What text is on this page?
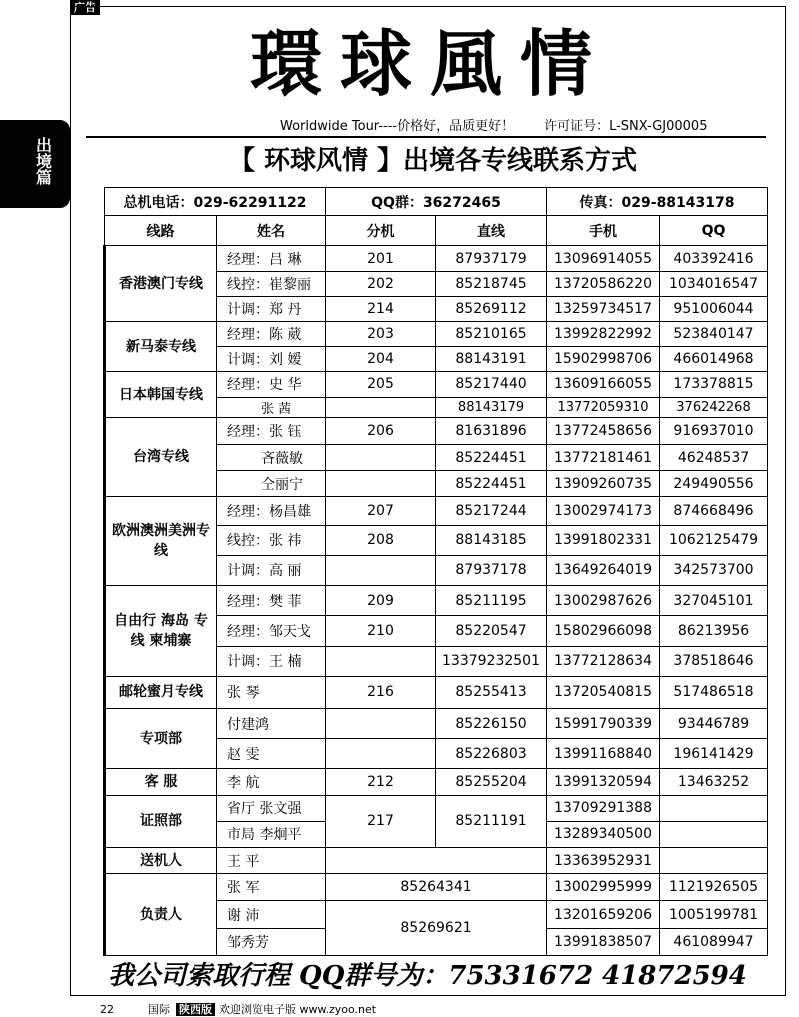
广告
出境篇
環球風情
Worldwide Tour----价格好，品质更好！ 许可证号：L-SNX-GJ00005
【 环球风情 】出境各专线联系方式
总机电话：029-62291122		QQ群：36272465		传真：029-88143178	
线路	姓名	分机	直线	手机	QQ
香港澳门专线	经理：吕 琳	201	87937179	13096914055	403392416
	线控：崔黎丽	202	85218745	13720586220	1034016547
	计调：郑 丹	214	85269112	13259734517	951006044
新马泰专线	经理：陈 葳	203	85210165	13992822992	523840147
	计调：刘 嫒	204	88143191	15902998706	466014968
日本韩国专线	经理：史 华	205	85217440	13609166055	173378815
	张 茜		88143179	13772059310	376242268
台湾专线	经理：张 钰	206	81631896	13772458656	916937010
	吝薇敏		85224451	13772181461	46248537
	仝丽宁		85224451	13909260735	249490556
欧洲澳洲美洲专线	经理：杨昌雄	207	85217244	13002974173	874668496
	线控：张 祎	208	88143185	13991802331	1062125479
	计调：高 丽		87937178	13649264019	342573700
自由行 海岛 专线 柬埔寨	经理：樊 菲	209	85211195	13002987626	327045101
	经理：邹天戈	210	85220547	15802966098	86213956
	计调：王 楠		13379232501	13772128634	378518646
邮轮蜜月专线	张 琴	216	85255413	13720540815	517486518
专项部	付建鸿		85226150	15991790339	93446789
	赵 雯		85226803	13991168840	196141429
客 服	李 航	212	85255204	13991320594	13463252
证照部	省厅 张文强	217	85211191	13709291388	
	市局 李炯平			13289340500	
送机人	王 平			13363952931	
负责人	张 军	85264341		13002995999	1121926505
	谢 沛	85269621		13201659206	1005199781
	邹秀芳			13991838507	461089947
我公司索取行程 QQ群号为：75331672 41872594
22	国际 陕西版 欢迎浏览电子版 www.zyoo.net
